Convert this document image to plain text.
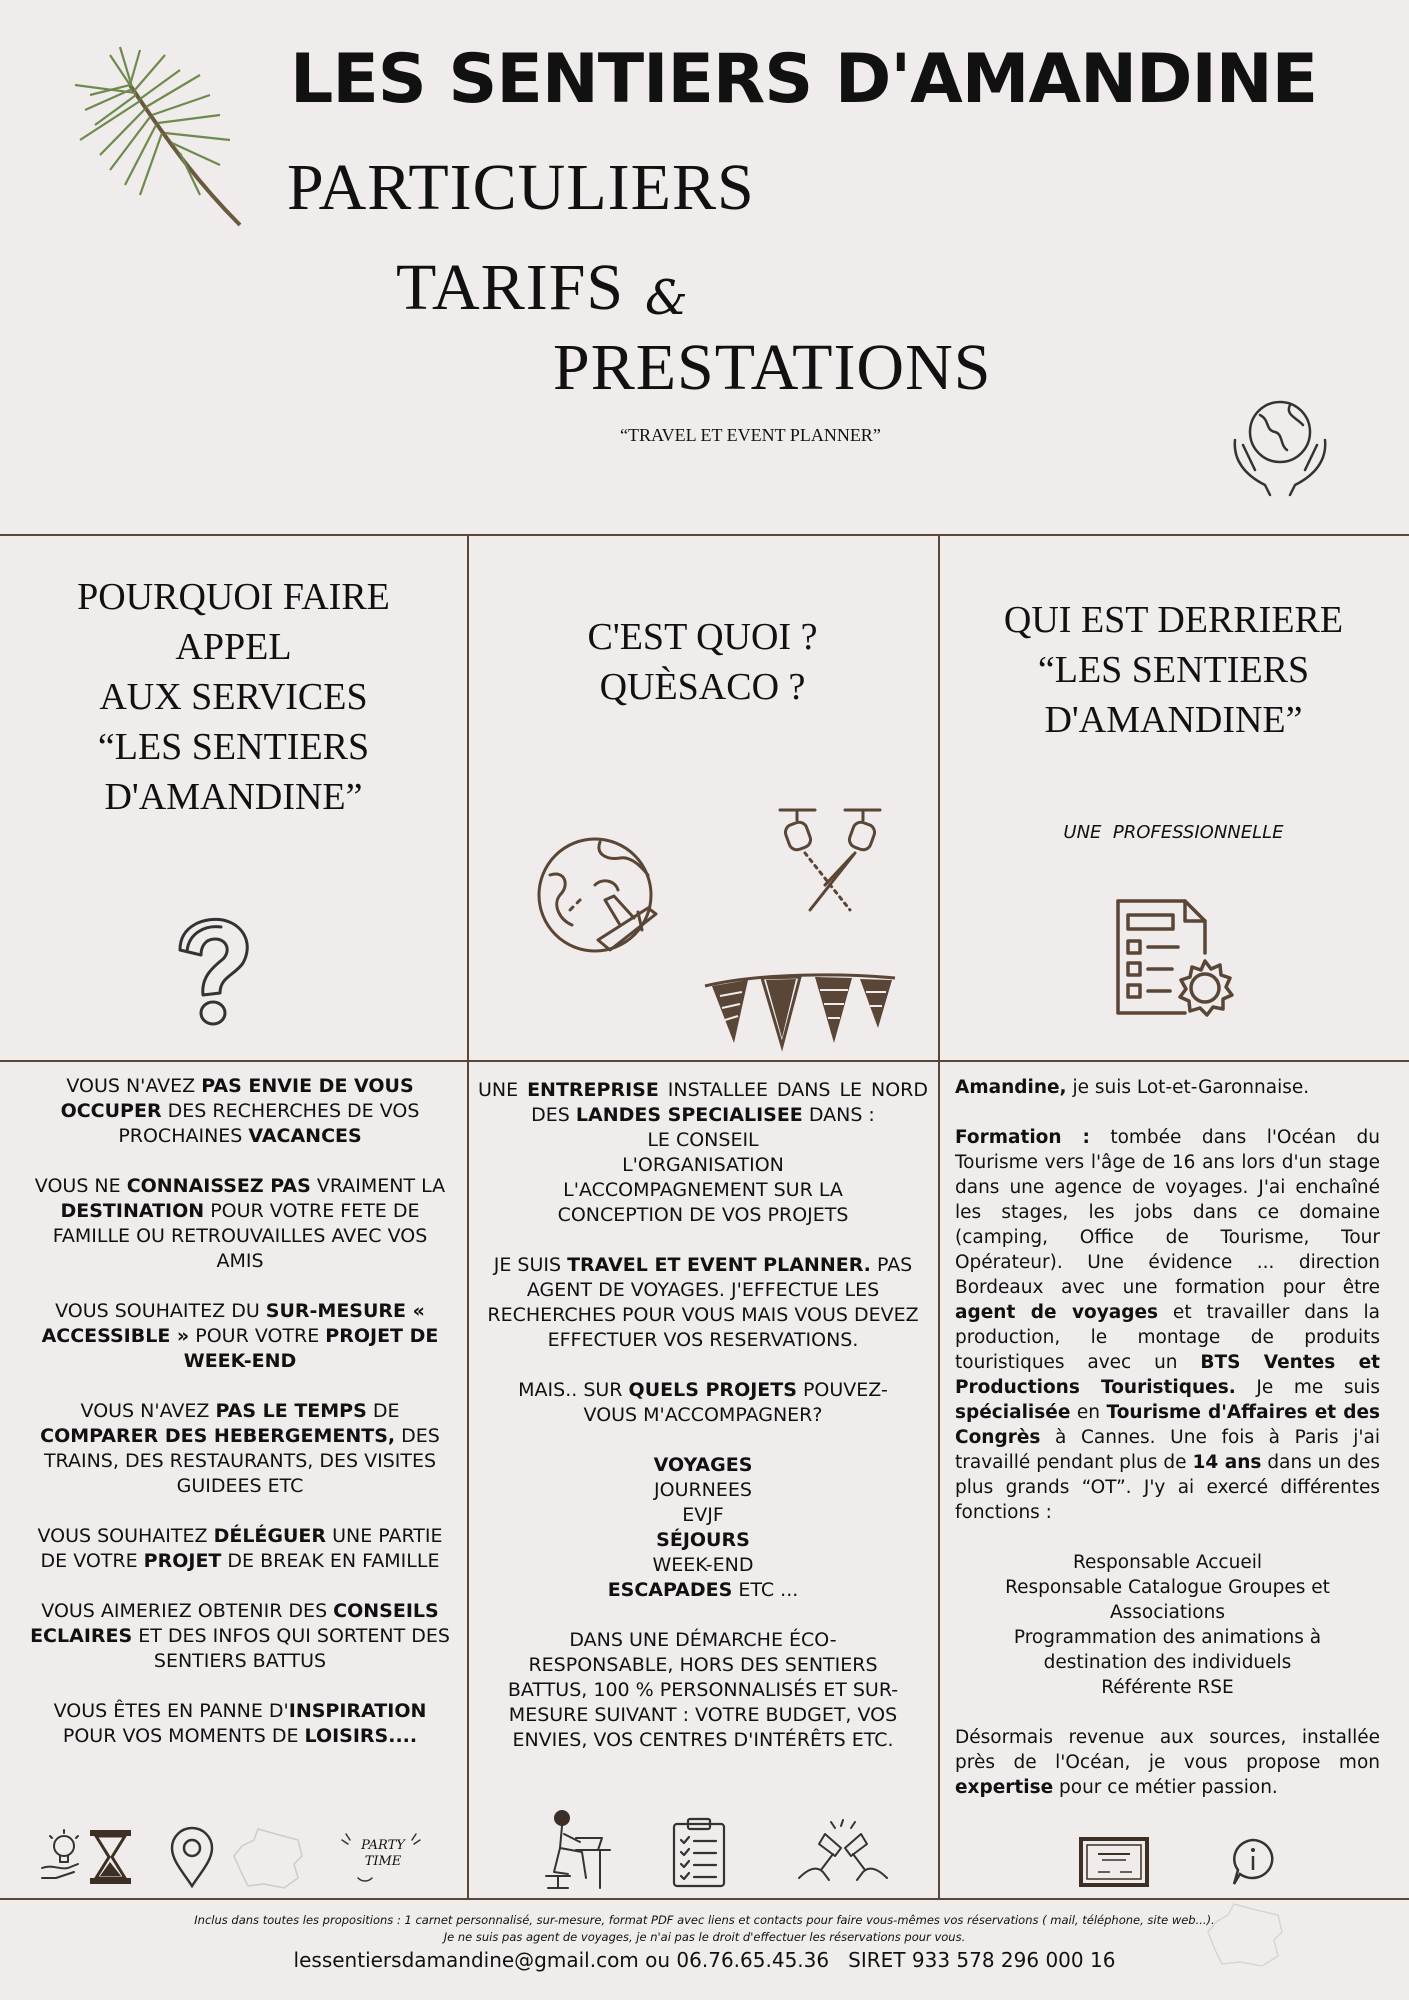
LES SENTIERS D'AMANDINE
PARTICULIERS
TARIFS &
PRESTATIONS
“TRAVEL ET EVENT PLANNER”
POURQUOI FAIRE
APPEL
AUX SERVICES
“LES SENTIERS
D'AMANDINE”
C'EST QUOI ?
QUÈSACO ?
QUI EST DERRIERE
“LES SENTIERS
D'AMANDINE”
UNE  PROFESSIONNELLE

VOUS N'AVEZ PAS ENVIE DE VOUS OCCUPER DES RECHERCHES DE VOS PROCHAINES VACANCES

VOUS NE CONNAISSEZ PAS VRAIMENT LA DESTINATION POUR VOTRE FETE DE FAMILLE OU RETROUVAILLES AVEC VOS AMIS

VOUS SOUHAITEZ DU SUR-MESURE « ACCESSIBLE » POUR VOTRE PROJET DE WEEK-END

VOUS N'AVEZ PAS LE TEMPS DE COMPARER DES HEBERGEMENTS, DES TRAINS, DES RESTAURANTS, DES VISITES GUIDEES ETC

VOUS SOUHAITEZ DÉLÉGUER UNE PARTIE DE VOTRE PROJET DE BREAK EN FAMILLE

VOUS AIMERIEZ OBTENIR DES CONSEILS ECLAIRES ET DES INFOS QUI SORTENT DES SENTIERS BATTUS

VOUS ÊTES EN PANNE D'INSPIRATION POUR VOS MOMENTS DE LOISIRS....

PARTY TIME
UNE ENTREPRISE INSTALLEE DANS LE NORD DES LANDES SPECIALISEE DANS :
LE CONSEIL
L'ORGANISATION
L'ACCOMPAGNEMENT SUR LA CONCEPTION DE VOS PROJETS
JE SUIS TRAVEL ET EVENT PLANNER. PAS AGENT DE VOYAGES. J'EFFECTUE LES RECHERCHES POUR VOUS MAIS VOUS DEVEZ EFFECTUER VOS RESERVATIONS.
MAIS.. SUR QUELS PROJETS POUVEZ-VOUS M'ACCOMPAGNER?
VOYAGES
JOURNEES
EVJF
SÉJOURS
WEEK-END
ESCAPADES ETC ...
DANS UNE DÉMARCHE ÉCO-RESPONSABLE, HORS DES SENTIERS BATTUS, 100 % PERSONNALISÉS ET SUR-MESURE SUIVANT : VOTRE BUDGET, VOS ENVIES, VOS CENTRES D'INTÉRÊTS ETC.
Amandine, je suis Lot-et-Garonnaise.
Formation : tombée dans l'Océan du Tourisme vers l'âge de 16 ans lors d'un stage dans une agence de voyages. J'ai enchaîné les stages, les jobs dans ce domaine (camping, Office de Tourisme, Tour Opérateur). Une évidence ... direction Bordeaux avec une formation pour être agent de voyages et travailler dans la production, le montage de produits touristiques avec un BTS Ventes et Productions Touristiques. Je me suis spécialisée en Tourisme d'Affaires et des Congrès à Cannes. Une fois à Paris j'ai travaillé pendant plus de 14 ans dans un des plus grands “OT”. J'y ai exercé différentes fonctions :
Responsable Accueil
Responsable Catalogue Groupes et Associations
Programmation des animations à destination des individuels
Référente RSE
Désormais revenue aux sources, installée près de l'Océan, je vous propose mon expertise pour ce métier passion.
Inclus dans toutes les propositions : 1 carnet personnalisé, sur-mesure, format PDF avec liens et contacts pour faire vous-mêmes vos réservations ( mail, téléphone, site web...).
Je ne suis pas agent de voyages, je n'ai pas le droit d'effectuer les réservations pour vous.
lessentiersdamandine@gmail.com ou 06.76.65.45.36   SIRET 933 578 296 000 16
